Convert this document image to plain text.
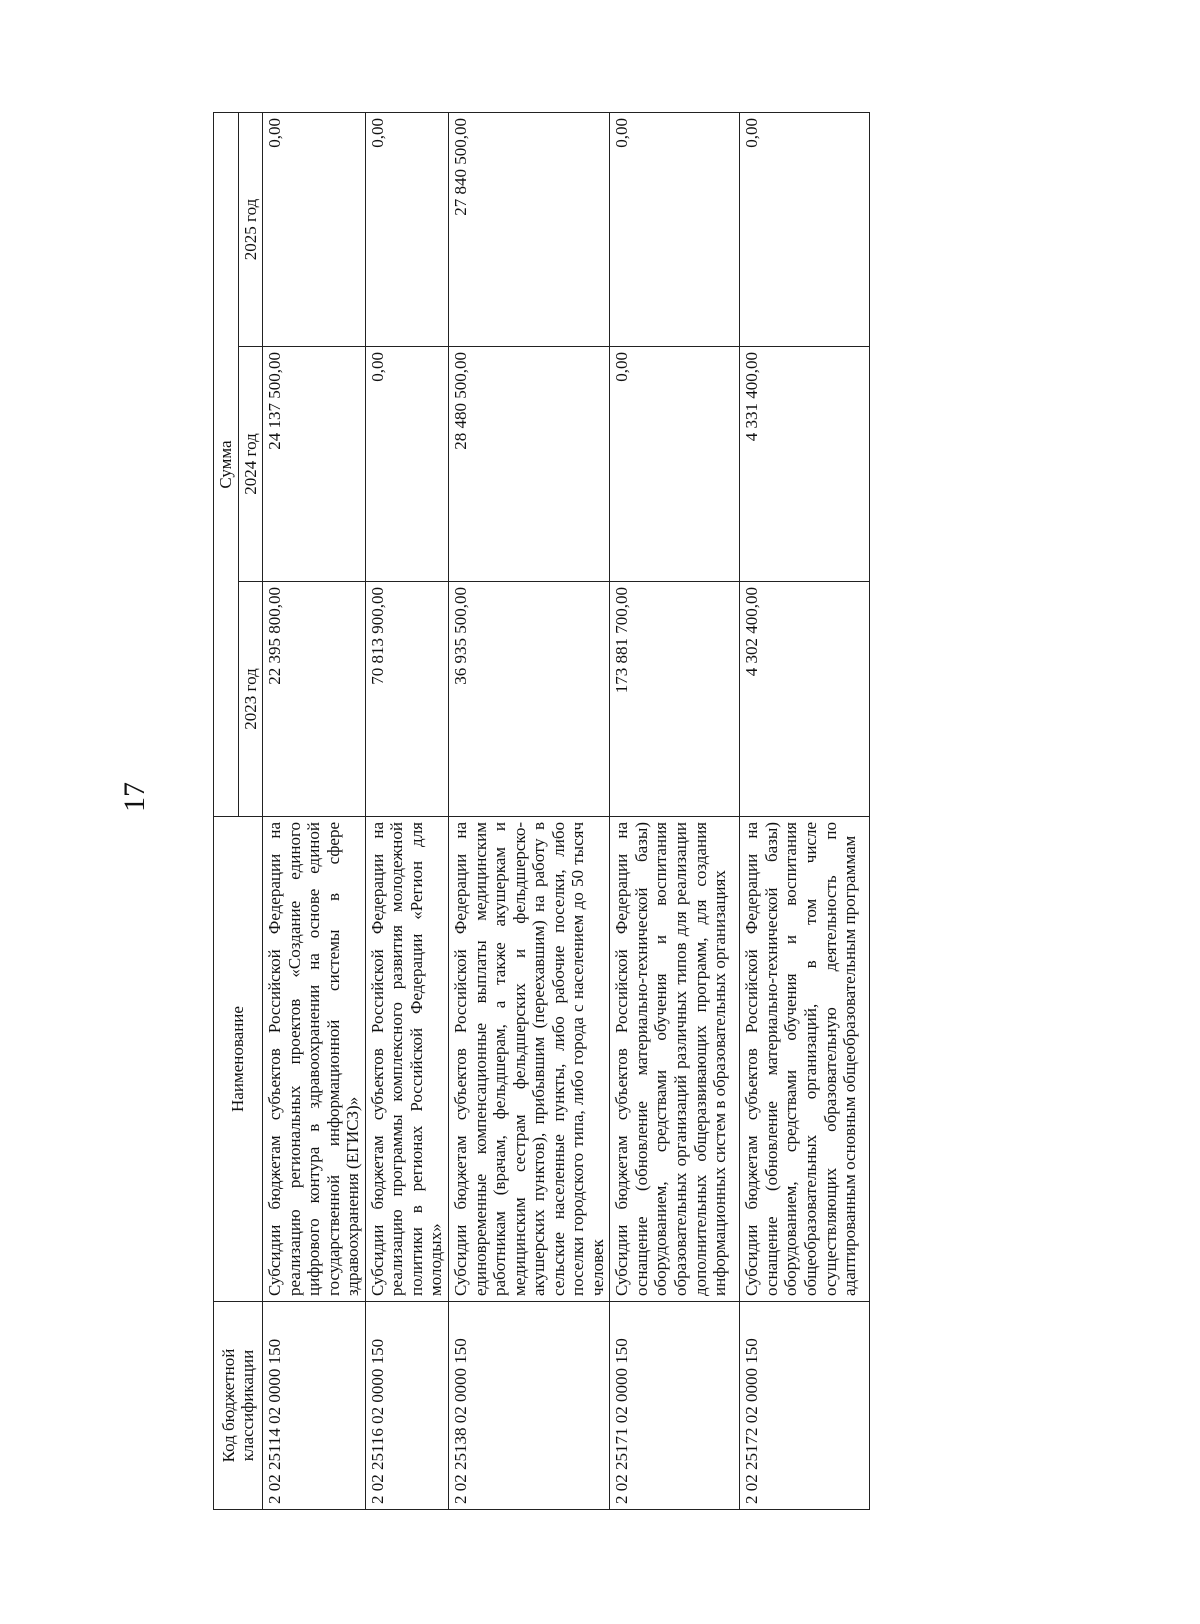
17
Код бюджетной классификации	Наименование	Сумма		
		2023 год	2024 год	2025 год
2 02 25114 02 0000 150	Субсидии бюджетам субъектов Российской Федерации на реализацию региональных проектов «Создание единого цифрового контура в здравоохранении на основе единой государственной информационной системы в сфере здравоохранения (ЕГИСЗ)»	22 395 800,00	24 137 500,00	0,00
2 02 25116 02 0000 150	Субсидии бюджетам субъектов Российской Федерации на реализацию программы комплексного развития молодежной политики в регионах Российской Федерации «Регион для молодых»	70 813 900,00	0,00	0,00
2 02 25138 02 0000 150	Субсидии бюджетам субъектов Российской Федерации на единовременные компенсационные выплаты медицинским работникам (врачам, фельдшерам, а также акушеркам и медицинским сестрам фельдшерских и фельдшерско-акушерских пунктов), прибывшим (переехавшим) на работу в сельские населенные пункты, либо рабочие поселки, либо поселки городского типа, либо города с населением до 50 тысяч человек	36 935 500,00	28 480 500,00	27 840 500,00
2 02 25171 02 0000 150	Субсидии бюджетам субъектов Российской Федерации на оснащение (обновление материально-технической базы) оборудованием, средствами обучения и воспитания образовательных организаций различных типов для реализации дополнительных общеразвивающих программ, для создания информационных систем в образовательных организациях	173 881 700,00	0,00	0,00
2 02 25172 02 0000 150	Субсидии бюджетам субъектов Российской Федерации на оснащение (обновление материально-технической базы) оборудованием, средствами обучения и воспитания общеобразовательных организаций, в том числе осуществляющих образовательную деятельность по адаптированным основным общеобразовательным программам	4 302 400,00	4 331 400,00	0,00
